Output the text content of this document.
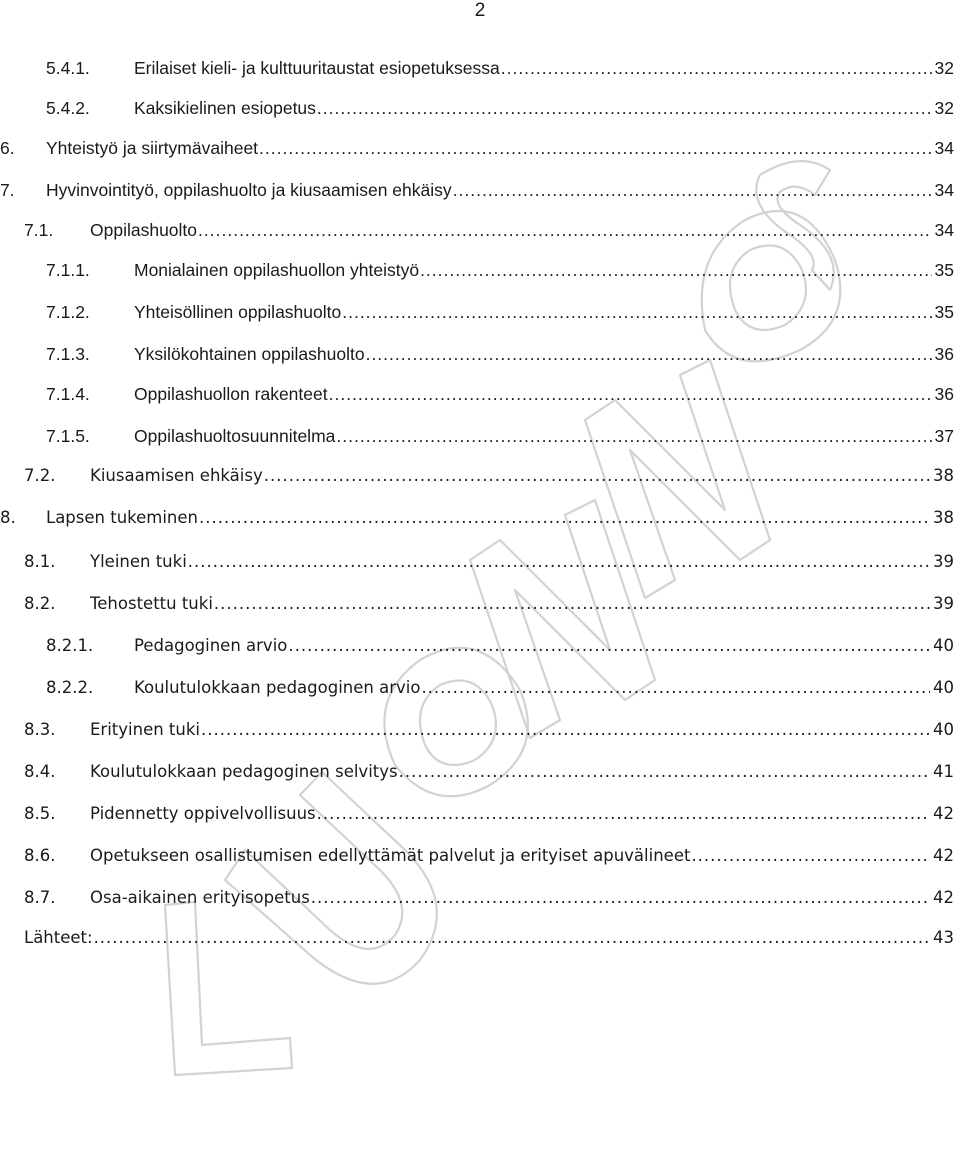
2
5.4.1.	Erilaiset kieli- ja kulttuuritaustat esiopetuksessa .....	32
5.4.2.	Kaksikielinen esiopetus .....	32
6. Yhteistyö ja siirtymävaiheet .....	34
7. Hyvinvointityö, oppilashuolto ja kiusaamisen ehkäisy .....	34
7.1. Oppilashuolto .....	34
7.1.1.	Monialainen oppilashuollon yhteistyö .....	35
7.1.2.	Yhteisöllinen oppilashuolto .....	35
7.1.3.	Yksilökohtainen oppilashuolto .....	36
7.1.4.	Oppilashuollon rakenteet .....	36
7.1.5.	Oppilashuoltosuunnitelma .....	37
7.2. Kiusaamisen ehkäisy .....	38
8. Lapsen tukeminen .....	38
8.1. Yleinen tuki .....	39
8.2. Tehostettu tuki .....	39
8.2.1. Pedagoginen arvio .....	40
8.2.2. Koulutulokkaan pedagoginen arvio .....	40
8.3. Erityinen tuki .....	40
8.4. Koulutulokkaan pedagoginen selvitys .....	41
8.5. Pidennetty oppivelvollisuus .....	42
8.6. Opetukseen osallistumisen edellyttämät palvelut ja erityiset apuvälineet .....	42
8.7. Osa-aikainen erityisopetus .....	42
Lähteet: .....	43
